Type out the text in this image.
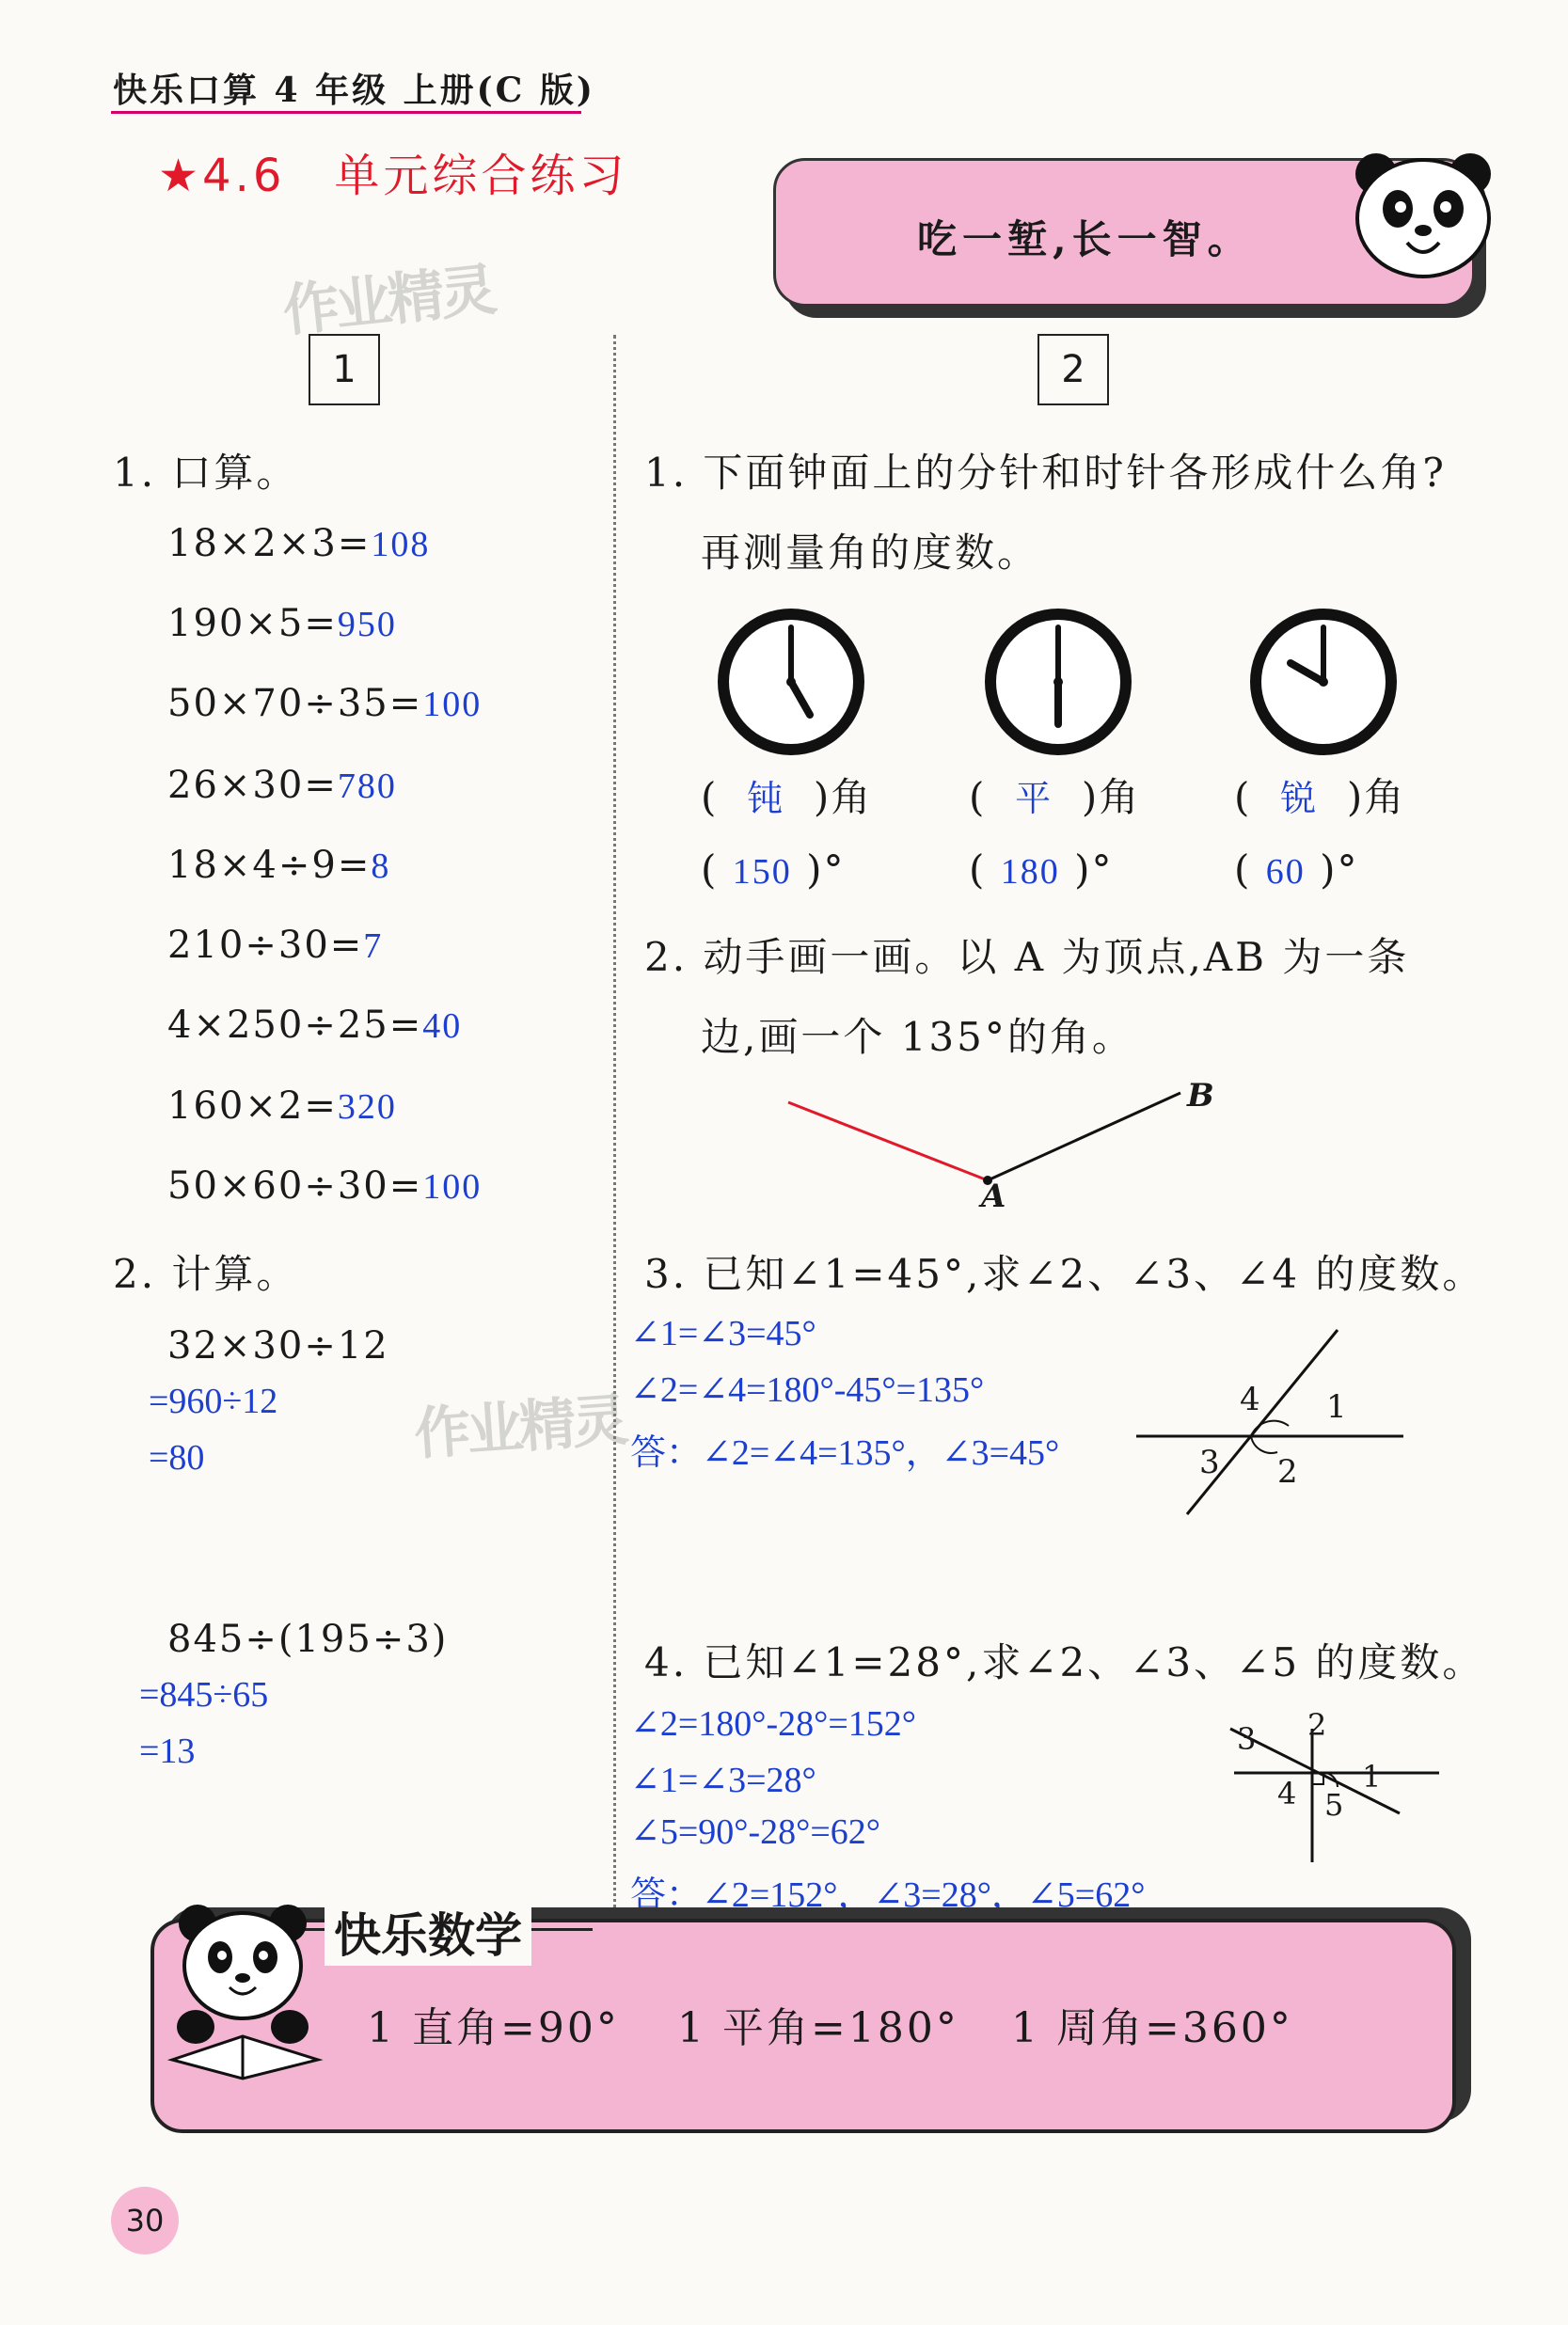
快乐口算 4 年级 上册(C 版)
★4.6　单元综合练习
吃一堑,长一智。
作业精灵
作业精灵
1	2
1. 口算。
18×2×3=108
190×5=950
50×70÷35=100
26×30=780
18×4÷9=8
210÷30=7
4×250÷25=40
160×2=320
50×60÷30=100
2. 计算。
32×30÷12
=960÷12
=80
845÷(195÷3)
=845÷65
=13
1. 下面钟面上的分针和时针各形成什么角?
再测量角的度数。
( 钝 )角 ( 平 )角 ( 锐 )角
( 150 )°	( 180 )°	( 60 )°
2. 动手画一画。以 A 为顶点,AB 为一条
边,画一个 135°的角。
A
B
3. 已知∠1=45°,求∠2、∠3、∠4 的度数。
∠1=∠3=45°
∠2=∠4=180°-45°=135°
答：∠2=∠4=135°，∠3=45°
4 1
3 2
4. 已知∠1=28°,求∠2、∠3、∠5 的度数。
∠2=180°-28°=152°
∠1=∠3=28°
∠5=90°-28°=62°
答：∠2=152°，∠3=28°，∠5=62°
3 2
1
4 5
快乐数学
1 直角=90° 1 平角=180° 1 周角=360°
30
